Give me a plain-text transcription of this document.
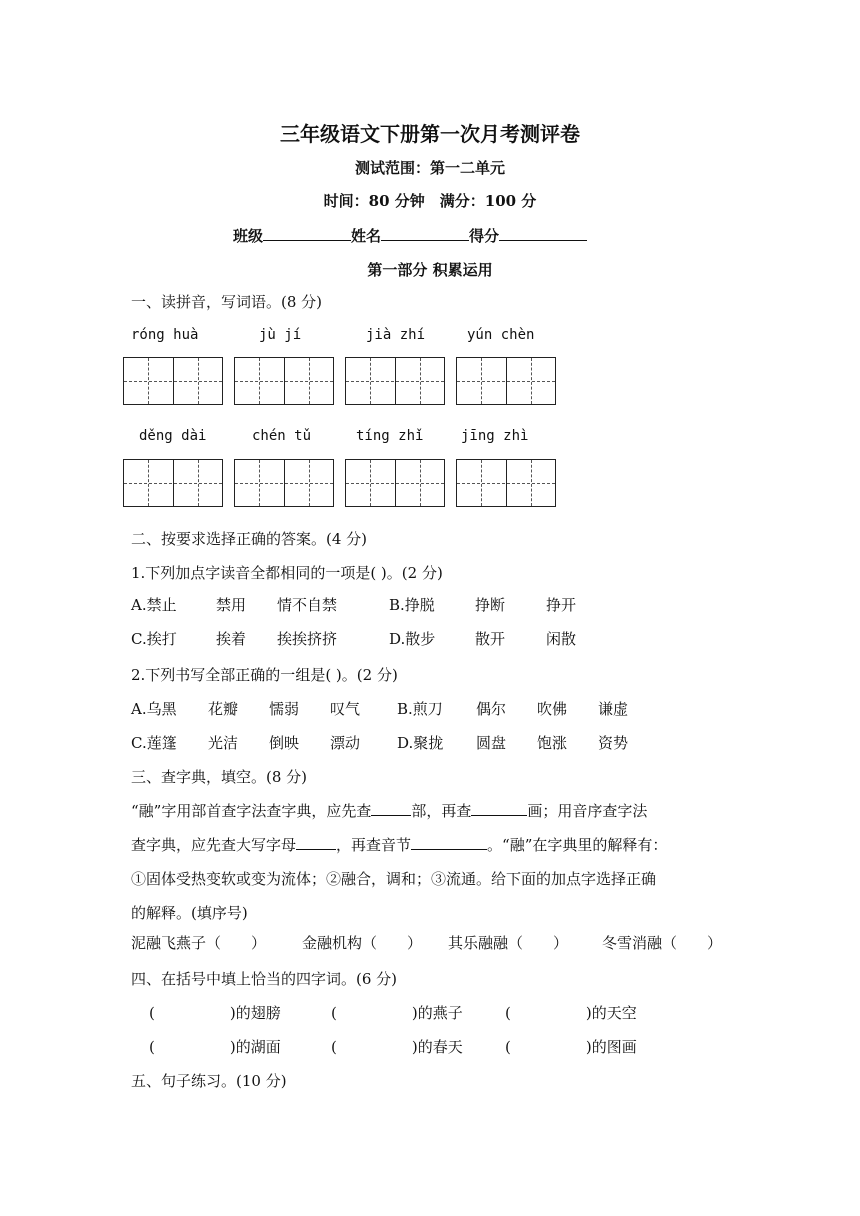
三年级语文下册第一次月考测评卷
测试范围：第一二单元
时间：80 分钟　满分：100 分
班级	姓名	得分
第一部分 积累运用
一、读拼音，写词语。(8 分)
róng huà	jù jí	jià zhí	yún chèn
děng dài	chén tǔ	tíng zhǐ	jīng zhì
二、按要求选择正确的答案。(4 分)
1.下列加点字读音全都相同的一项是( )。(2 分)
A.禁止	禁用 情不自禁	B.挣脱	挣断	挣开
C.挨打	挨着 挨挨挤挤	D.散步	散开	闲散
2.下列书写全部正确的一组是( )。(2 分)
A.乌黑 花瓣 懦弱 叹气 B.煎刀 偶尔 吹佛 谦虚
C.莲篷 光洁 倒映 漂动 D.聚拢 圆盘 饱涨 资势
三、查字典，填空。(8 分)
“融”字用部首查字法查字典，应先查	部，再查	画；用音序查字法
查字典，应先查大写字母	，再查音节	。“融”在字典里的解释有：
①固体受热变软或变为流体；②融合，调和；③流通。给下面的加点字选择正确
的解释。(填序号)
泥融飞燕子（　　） 金融机构（　　） 其乐融融（　　） 冬雪消融（　　）
四、在括号中填上恰当的四字词。(6 分)
(　　　　　)的翅膀	(　　　　　)的燕子	(　　　　　)的天空
(　　　　　)的湖面	(　　　　　)的春天	(　　　　　)的图画
五、句子练习。(10 分)
